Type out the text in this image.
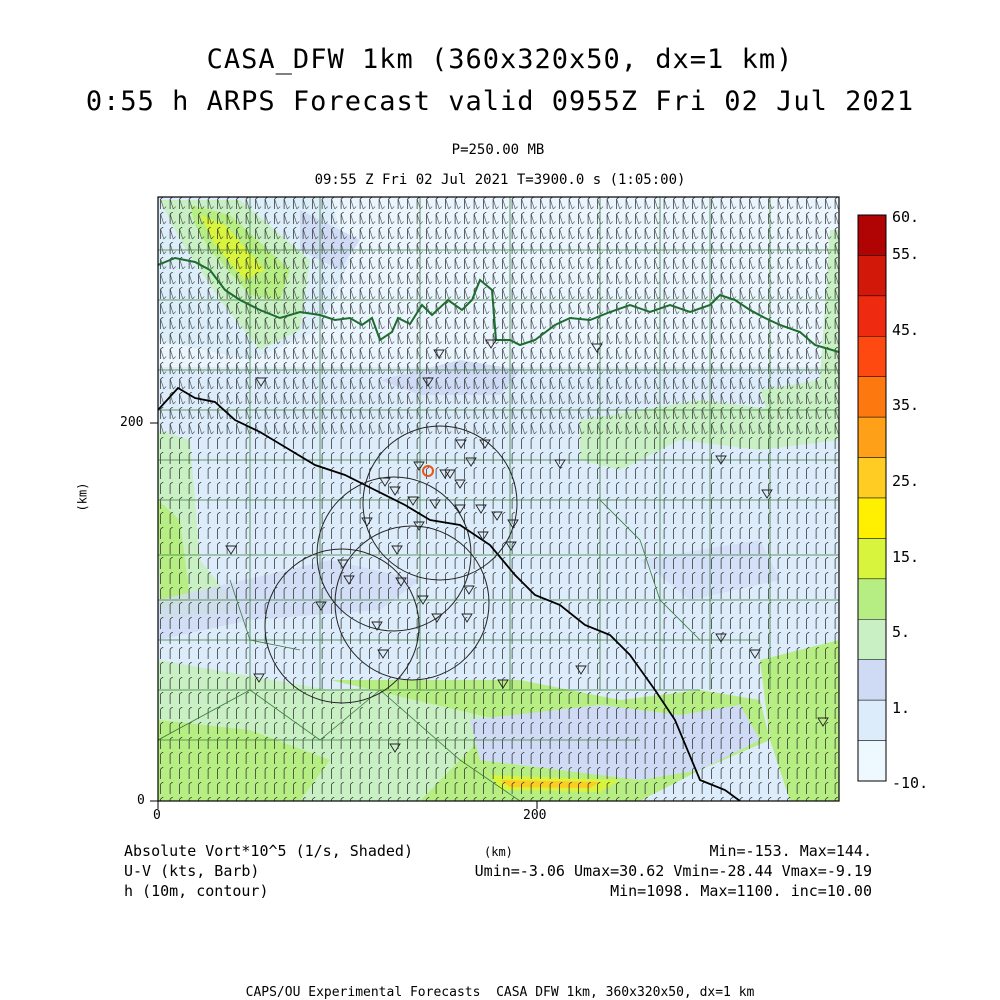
CASA_DFW 1km (360x320x50, dx=1 km)
0:55 h ARPS Forecast valid 0955Z Fri 02 Jul 2021
P=250.00 MB
09:55 Z Fri 02 Jul 2021 T=3900.0 s (1:05:00)
0	200
0
200
(km)
(km)
60.
55.
45.
35.
25.
15.
5.
1.
-10.
Absolute Vort*10^5 (1/s, Shaded)
U-V (kts, Barb)
h (10m, contour)
Min=-153. Max=144.
Umin=-3.06 Umax=30.62 Vmin=-28.44 Vmax=-9.19
Min=1098. Max=1100. inc=10.00
CAPS/OU Experimental Forecasts  CASA DFW 1km, 360x320x50, dx=1 km
